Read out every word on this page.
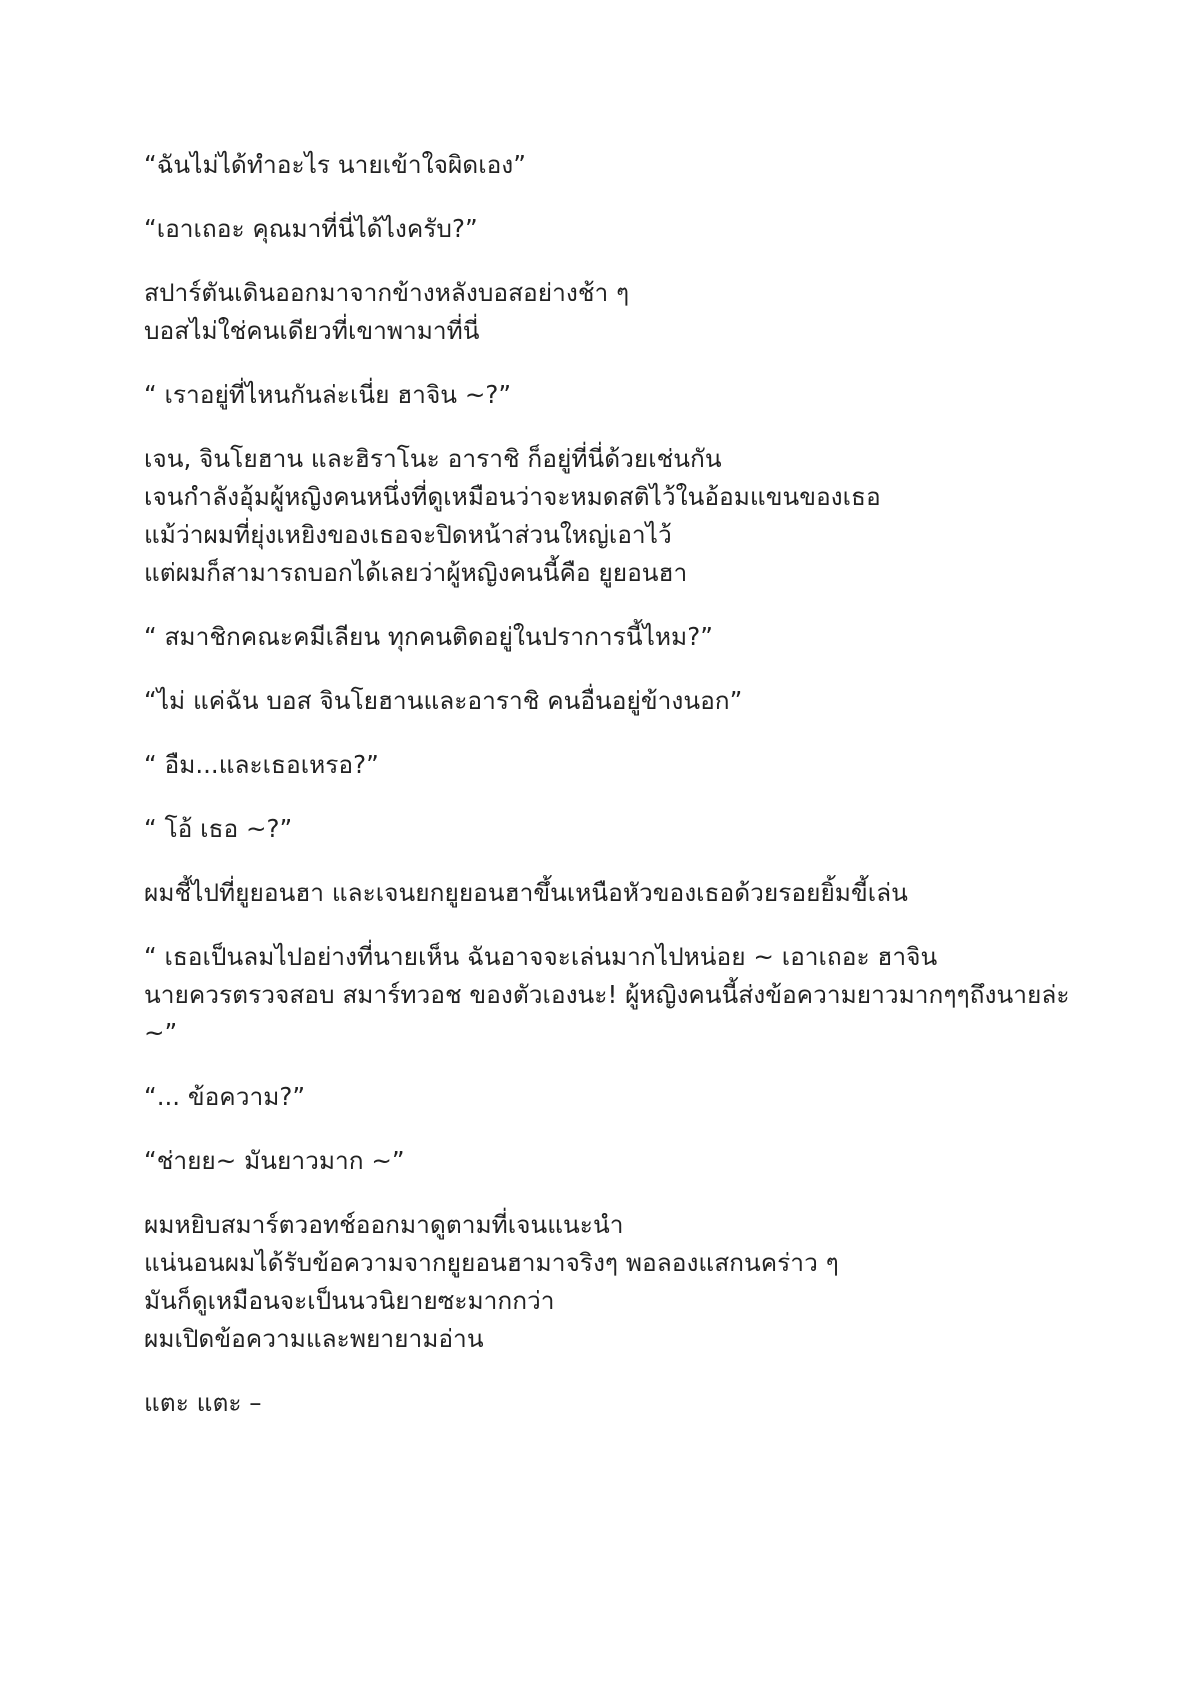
“ฉันไม่ได้ทำอะไร นายเข้าใจผิดเอง”

“เอาเถอะ คุณมาที่นี่ได้ไงครับ?”

สปาร์ตันเดินออกมาจากข้างหลังบอสอย่างช้า ๆ
บอสไม่ใช่คนเดียวที่เขาพามาที่นี่

“ เราอยู่ที่ไหนกันล่ะเนี่ย ฮาจิน ~?”

เจน, จินโยฮาน และฮิราโนะ อาราชิ ก็อยู่ที่นี่ด้วยเช่นกัน
เจนกำลังอุ้มผู้หญิงคนหนึ่งที่ดูเหมือนว่าจะหมดสติไว้ในอ้อมแขนของเธอ
แม้ว่าผมที่ยุ่งเหยิงของเธอจะปิดหน้าส่วนใหญ่เอาไว้
แต่ผมก็สามารถบอกได้เลยว่าผู้หญิงคนนี้คือ ยูยอนฮา

“ สมาชิกคณะคมีเลียน ทุกคนติดอยู่ในปราการนี้ไหม?”

“ไม่ แค่ฉัน บอส จินโยฮานและอาราชิ คนอื่นอยู่ข้างนอก”

“ อืม...และเธอเหรอ?”

“ โอ้ เธอ ~?”

ผมชี้ไปที่ยูยอนฮา และเจนยกยูยอนฮาขึ้นเหนือหัวของเธอด้วยรอยยิ้มขี้เล่น

“ เธอเป็นลมไปอย่างที่นายเห็น ฉันอาจจะเล่นมากไปหน่อย ~ เอาเถอะ ฮาจิน
นายควรตรวจสอบ สมาร์ทวอช ของตัวเองนะ! ผู้หญิงคนนี้ส่งข้อความยาวมากๆๆถึงนายล่ะ
~”

“... ข้อความ?”

“ช่ายย~ มันยาวมาก ~”

ผมหยิบสมาร์ตวอทช์ออกมาดูตามที่เจนแนะนำ
แน่นอนผมได้รับข้อความจากยูยอนฮามาจริงๆ พอลองแสกนคร่าว ๆ
มันก็ดูเหมือนจะเป็นนวนิยายซะมากกว่า
ผมเปิดข้อความและพยายามอ่าน

แตะ แตะ –
